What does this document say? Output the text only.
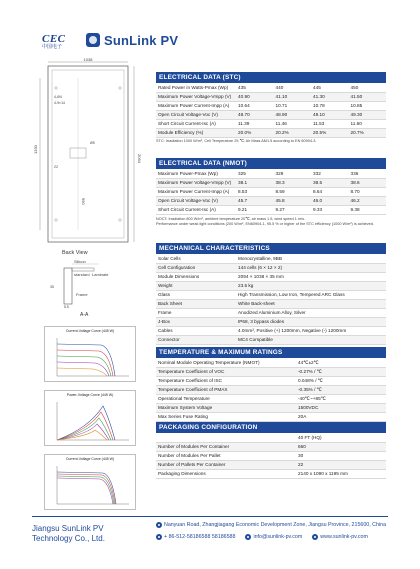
CEC
中国电子	SunLink PV
1038
2094
1330
990
4-Ø4
4-9×14
Ø5
22
Back View
Silicon
standard Laminate
Frame
35
5.5
A-A
Current-Voltage Curve (445 W)
Power-Voltage Curve (445 W)
Current-Voltage Curve (445 W)
ELECTRICAL DATA (STC)
Rated Power in Watts-Pmax (Wp)	435	440	445	450
Maximum Power Voltage-Vmpp (V)	40.90	41.10	41.30	41.50
Maximum Power Current-Impp (A)	10.64	10.71	10.78	10.85
Open Circuit Voltage-Voc (V)	48.70	48.90	49.10	49.30
Short Circuit Current-Isc (A)	11.39	11.46	11.53	11.60
Module Efficiency (%)	20.0%	20.2%	20.5%	20.7%
STC: Irradiation 1000 W/m², Cell Temperature 25 ℃, Air Mass AM1.5 according to EN 60904-3.
ELECTRICAL DATA (NMOT)
Maximum Power-Pmax (Wp)	325	329	332	336
Maximum Power Voltage-Vmpp (V)	38.1	38.3	38.5	38.6
Maximum Power Current-Impp (A)	8.53	8.59	8.64	8.70
Open Circuit Voltage-Voc (V)	45.7	45.8	46.0	46.2
Short Circuit Current-Isc (A)	9.21	9.27	9.33	9.38
NOCT: Irradiation 800 W/m², ambient temperature 20℃, air mass 1.5, wind speed 1 m/s.
Performance under weak light conditions (200 W/m², EN60904-1, 95.5 % or higher of the STC efficiency (1000 W/m²) is achieved.
MECHANICAL CHARACTERISTICS
Solar Cells	Monocrystalline, 9BB
Cell Configuration	144 cells (6 × 12 × 2)
Module Dimensions	2094 × 1038 × 35 mm
Weight	23.5 kg
Glass	High Transmission, Low Iron, Tempered ARC Glass
Back Sheet	White Back-sheet
Frame	Anodized Aluminium Alloy, Silver
J-Box	IP68, 3 bypass diodes
Cables	4.0mm², Positive (+) 1200mm, Negative (-) 1200mm
Connector	MC4 Compatible
TEMPERATURE & MAXIMUM RATINGS
Nominal Module Operating Temperature (NMOT)	44℃±2℃
Temperature Coefficient of VOC	-0.27% / ℃
Temperature Coefficient of ISC	0.048% / ℃
Temperature Coefficient of PMAX	-0.35% / ℃
Operational Temperature	-40℃~+85℃
Maximum System Voltage	1500VDC
Max Series Fuse Rating	20A
PACKAGING CONFIGURATION
	40 FT (HQ)
Number of Modules Per Container	660
Number of Modules Per Pallet	30
Number of Pallets Per Container	22
Packaging Dimensions	2140 x 1090 x 1195 mm
Jiangsu SunLink PV Technology Co., Ltd.
Nanyuan Road, Zhangjiagang Economic Development Zone, Jiangsu Province, 215600, China
+ 86-512-58186588 58186588	info@sunlink-pv.com	www.sunlink-pv.com
